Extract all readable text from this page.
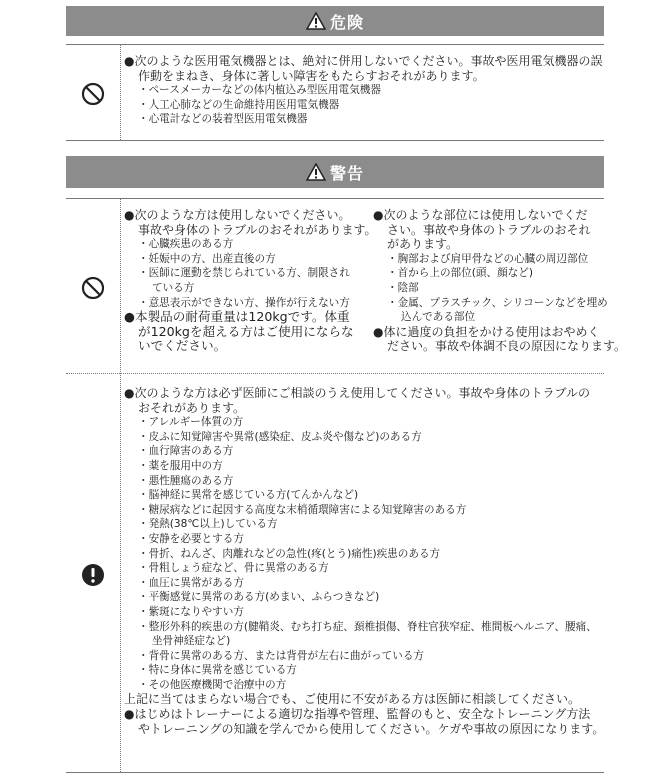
危険
●次のような医用電気機器とは、絶対に併用しないでください。事故や医用電気機器の誤
作動をまねき、身体に著しい障害をもたらすおそれがあります。
・ペースメーカーなどの体内植込み型医用電気機器
・人工心肺などの生命維持用医用電気機器
・心電計などの装着型医用電気機器
警告
●次のような方は使用しないでください。
事故や身体のトラブルのおそれがあります。
・心臓疾患のある方
・妊娠中の方、出産直後の方
・医師に運動を禁じられている方、制限され
ている方
・意思表示ができない方、操作が行えない方
●本製品の耐荷重量は120kgです。体重
が120kgを超える方はご使用にならな
いでください。
●次のような部位には使用しないでくだ
さい。事故や身体のトラブルのおそれ
があります。
・胸部および肩甲骨などの心臓の周辺部位
・首から上の部位(頭、顔など)
・陰部
・金属、プラスチック、シリコーンなどを埋め
込んである部位
●体に過度の負担をかける使用はおやめく
ださい。事故や体調不良の原因になります。
●次のような方は必ず医師にご相談のうえ使用してください。事故や身体のトラブルの
おそれがあります。
・アレルギー体質の方
・皮ふに知覚障害や異常(感染症、皮ふ炎や傷など)のある方
・血行障害のある方
・薬を服用中の方
・悪性腫瘍のある方
・脳神経に異常を感じている方(てんかんなど)
・糖尿病などに起因する高度な末梢循環障害による知覚障害のある方
・発熱(38℃以上)している方
・安静を必要とする方
・骨折、ねんざ、肉離れなどの急性(疼(とう)痛性)疾患のある方
・骨粗しょう症など、骨に異常のある方
・血圧に異常がある方
・平衡感覚に異常のある方(めまい、ふらつきなど)
・紫斑になりやすい方
・整形外科的疾患の方(腱鞘炎、むち打ち症、頚椎損傷、脊柱官狭窄症、椎間板ヘルニア、腰痛、
坐骨神経症など)
・背骨に異常のある方、または背骨が左右に曲がっている方
・特に身体に異常を感じている方
・その他医療機関で治療中の方
上記に当てはまらない場合でも、ご使用に不安がある方は医師に相談してください。
●はじめはトレーナーによる適切な指導や管理、監督のもと、安全なトレーニング方法
やトレーニングの知識を学んでから使用してください。ケガや事故の原因になります。
